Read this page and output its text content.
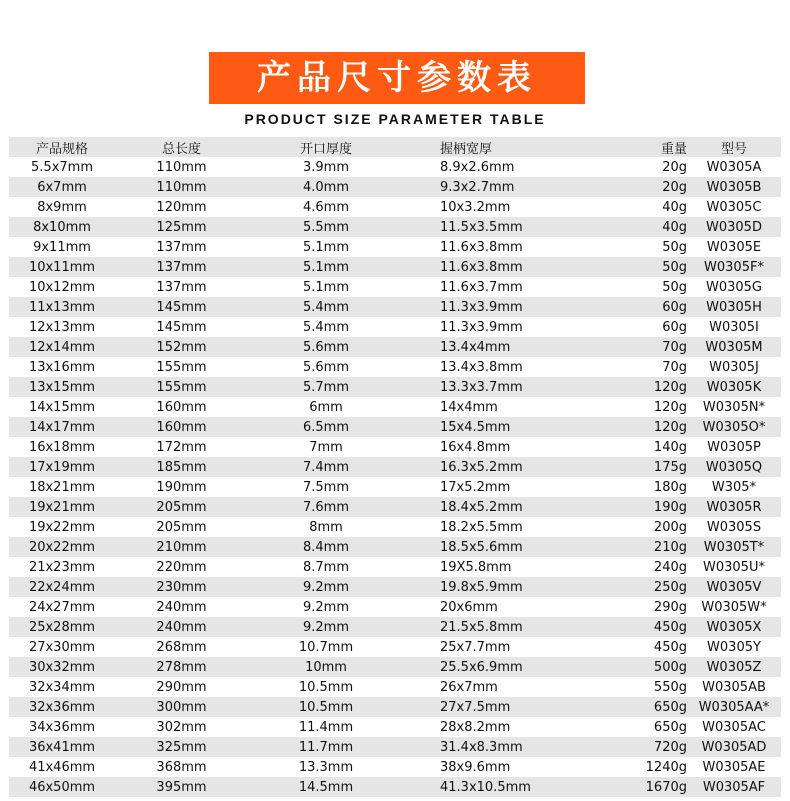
产品尺寸参数表
PRODUCT SIZE PARAMETER TABLE
产品规格	总长度	开口厚度	握柄宽厚	重量	型号
5.5x7mm	110mm	3.9mm	8.9x2.6mm	20g	W0305A
6x7mm	110mm	4.0mm	9.3x2.7mm	20g	W0305B
8x9mm	120mm	4.6mm	10x3.2mm	40g	W0305C
8x10mm	125mm	5.5mm	11.5x3.5mm	40g	W0305D
9x11mm	137mm	5.1mm	11.6x3.8mm	50g	W0305E
10x11mm	137mm	5.1mm	11.6x3.8mm	50g	W0305F*
10x12mm	137mm	5.1mm	11.6x3.7mm	50g	W0305G
11x13mm	145mm	5.4mm	11.3x3.9mm	60g	W0305H
12x13mm	145mm	5.4mm	11.3x3.9mm	60g	W0305I
12x14mm	152mm	5.6mm	13.4x4mm	70g	W0305M
13x16mm	155mm	5.6mm	13.4x3.8mm	70g	W0305J
13x15mm	155mm	5.7mm	13.3x3.7mm	120g	W0305K
14x15mm	160mm	6mm	14x4mm	120g	W0305N*
14x17mm	160mm	6.5mm	15x4.5mm	120g	W0305O*
16x18mm	172mm	7mm	16x4.8mm	140g	W0305P
17x19mm	185mm	7.4mm	16.3x5.2mm	175g	W0305Q
18x21mm	190mm	7.5mm	17x5.2mm	180g	W305*
19x21mm	205mm	7.6mm	18.4x5.2mm	190g	W0305R
19x22mm	205mm	8mm	18.2x5.5mm	200g	W0305S
20x22mm	210mm	8.4mm	18.5x5.6mm	210g	W0305T*
21x23mm	220mm	8.7mm	19X5.8mm	240g	W0305U*
22x24mm	230mm	9.2mm	19.8x5.9mm	250g	W0305V
24x27mm	240mm	9.2mm	20x6mm	290g	W0305W*
25x28mm	240mm	9.2mm	21.5x5.8mm	450g	W0305X
27x30mm	268mm	10.7mm	25x7.7mm	450g	W0305Y
30x32mm	278mm	10mm	25.5x6.9mm	500g	W0305Z
32x34mm	290mm	10.5mm	26x7mm	550g	W0305AB
32x36mm	300mm	10.5mm	27x7.5mm	650g	W0305AA*
34x36mm	302mm	11.4mm	28x8.2mm	650g	W0305AC
36x41mm	325mm	11.7mm	31.4x8.3mm	720g	W0305AD
41x46mm	368mm	13.3mm	38x9.6mm	1240g	W0305AE
46x50mm	395mm	14.5mm	41.3x10.5mm	1670g	W0305AF
